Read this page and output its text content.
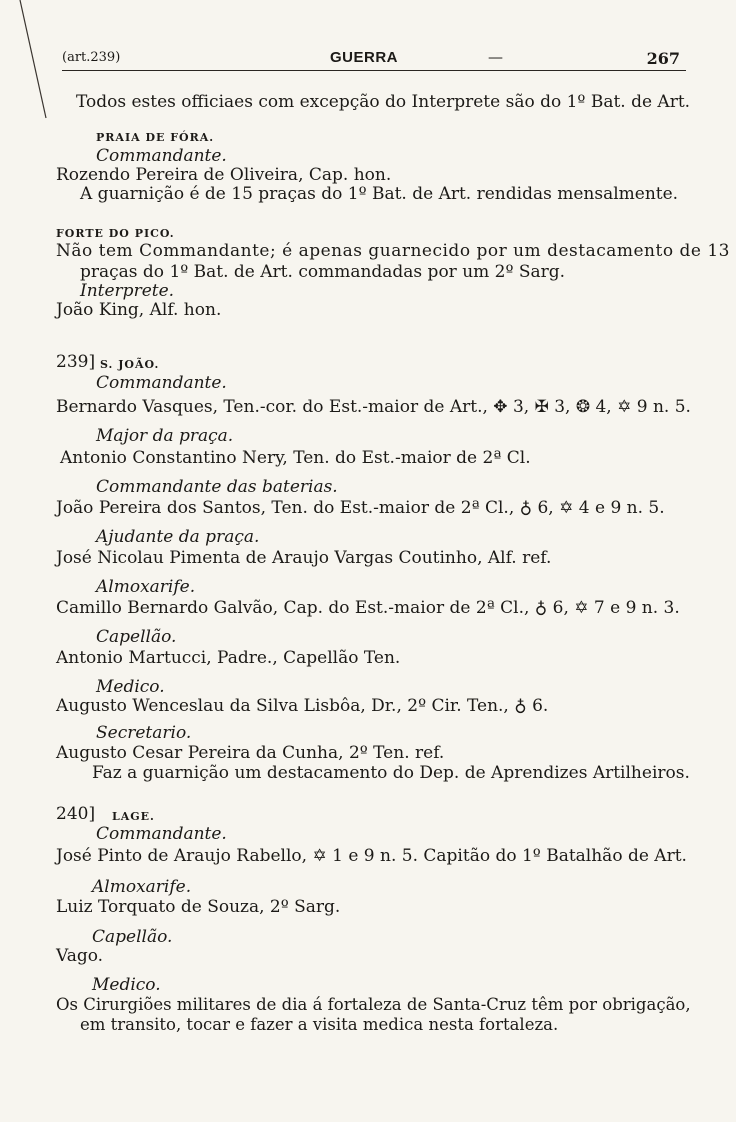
(art.239)	GUERRA	—	267
Todos estes officiaes com excepção do Interprete são do 1º Bat. de Art.
PRAIA DE FÓRA.
Commandante.
Rozendo Pereira de Oliveira, Cap. hon.
A guarnição é de 15 praças do 1º Bat. de Art. rendidas mensalmente.
FORTE DO PICO.
Não tem Commandante; é apenas guarnecido por um destacamento de 13
praças do 1º Bat. de Art. commandadas por um 2º Sarg.
Interprete.
João King, Alf. hon.
239] S. JOÃO.
Commandante.
Bernardo Vasques, Ten.-cor. do Est.-maior de Art., ✥ 3, ✠ 3, ❂ 4, ✡ 9 n. 5.
Major da praça.
Antonio Constantino Nery, Ten. do Est.-maior de 2ª Cl.
Commandante das baterias.
João Pereira dos Santos, Ten. do Est.-maior de 2ª Cl., ♁ 6, ✡ 4 e 9 n. 5.
Ajudante da praça.
José Nicolau Pimenta de Araujo Vargas Coutinho, Alf. ref.
Almoxarife.
Camillo Bernardo Galvão, Cap. do Est.-maior de 2ª Cl., ♁ 6, ✡ 7 e 9 n. 3.
Capellão.
Antonio Martucci, Padre., Capellão Ten.
Medico.
Augusto Wenceslau da Silva Lisbôa, Dr., 2º Cir. Ten., ♁ 6.
Secretario.
Augusto Cesar Pereira da Cunha, 2º Ten. ref.
Faz a guarnição um destacamento do Dep. de Aprendizes Artilheiros.
240] LAGE.
Commandante.
José Pinto de Araujo Rabello, ✡ 1 e 9 n. 5. Capitão do 1º Batalhão de Art.
Almoxarife.
Luiz Torquato de Souza, 2º Sarg.
Capellão.
Vago.
Medico.
Os Cirurgiões militares de dia á fortaleza de Santa-Cruz têm por obrigação,
em transito, tocar e fazer a visita medica nesta fortaleza.
